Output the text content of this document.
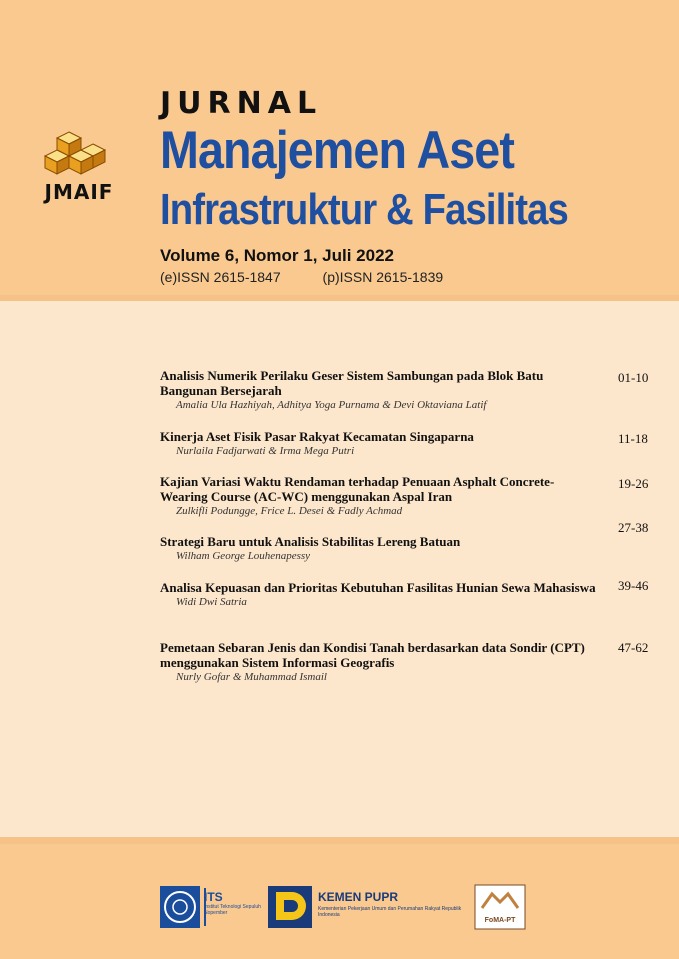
JMAIF
JURNAL
Manajemen Aset
Infrastruktur & Fasilitas
Volume 6, Nomor 1, Juli 2022
(e)ISSN 2615-1847	(p)ISSN 2615-1839
Analisis Numerik Perilaku Geser Sistem Sambungan pada Blok Batu Bangunan Bersejarah
Amalia Ula Hazhiyah, Adhitya Yoga Purnama & Devi Oktaviana Latif
01-10
Kinerja Aset Fisik Pasar Rakyat Kecamatan Singaparna
Nurlaila Fadjarwati & Irma Mega Putri
11-18
Kajian Variasi Waktu Rendaman terhadap Penuaan Asphalt Concrete-Wearing Course (AC-WC) menggunakan Aspal Iran
Zulkifli Podungge, Frice L. Desei & Fadly Achmad
19-26
Strategi Baru untuk Analisis Stabilitas Lereng Batuan
Wilham George Louhenapessy
27-38
Analisa Kepuasan dan Prioritas Kebutuhan Fasilitas Hunian Sewa Mahasiswa
Widi Dwi Satria
39-46
Pemetaan Sebaran Jenis dan Kondisi Tanah berdasarkan data Sondir (CPT) menggunakan Sistem Informasi Geografis
Nurly Gofar & Muhammad Ismail
47-62
ITS
Institut Teknologi Sepuluh Nopember
KEMEN PUPR
Kementerian Pekerjaan Umum dan Perumahan Rakyat Republik Indonesia
FoMA-PT
